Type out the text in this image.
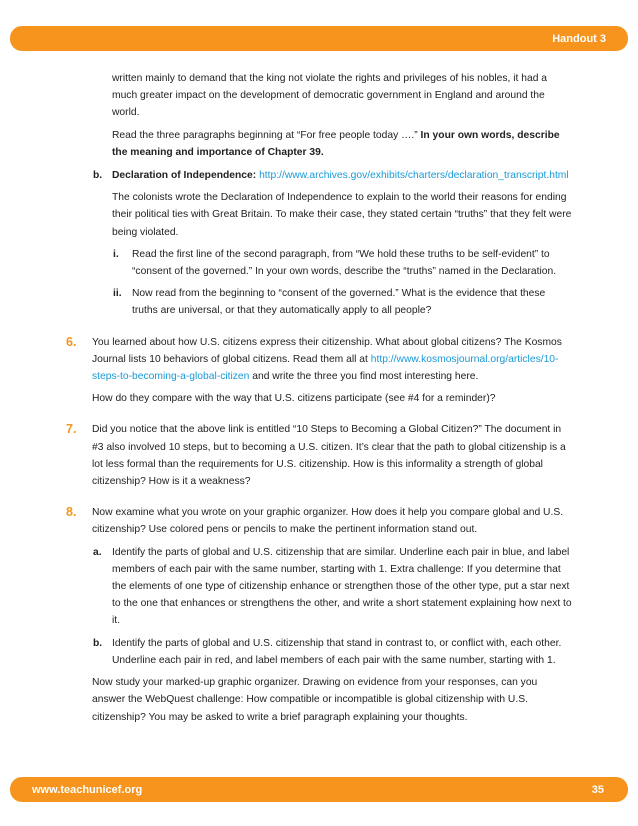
Handout 3
written mainly to demand that the king not violate the rights and privileges of his nobles, it had a much greater impact on the development of democratic government in England and around the world.
Read the three paragraphs beginning at “For free people today ….” In your own words, describe the meaning and importance of Chapter 39.
b. Declaration of Independence: http://www.archives.gov/exhibits/charters/declaration_transcript.html
The colonists wrote the Declaration of Independence to explain to the world their reasons for ending their political ties with Great Britain. To make their case, they stated certain “truths” that they felt were being violated.
i. Read the first line of the second paragraph, from “We hold these truths to be self-evident” to “consent of the governed.” In your own words, describe the “truths” named in the Declaration.
ii. Now read from the beginning to “consent of the governed.” What is the evidence that these truths are universal, or that they automatically apply to all people?
6. You learned about how U.S. citizens express their citizenship. What about global citizens? The Kosmos Journal lists 10 behaviors of global citizens. Read them all at http://www.kosmosjournal.org/articles/10-steps-to-becoming-a-global-citizen and write the three you find most interesting here.
How do they compare with the way that U.S. citizens participate (see #4 for a reminder)?
7. Did you notice that the above link is entitled “10 Steps to Becoming a Global Citizen?” The document in #3 also involved 10 steps, but to becoming a U.S. citizen. It’s clear that the path to global citizenship is a lot less formal than the requirements for U.S. citizenship. How is this informality a strength of global citizenship? How is it a weakness?
8. Now examine what you wrote on your graphic organizer. How does it help you compare global and U.S. citizenship? Use colored pens or pencils to make the pertinent information stand out.
a. Identify the parts of global and U.S. citizenship that are similar. Underline each pair in blue, and label members of each pair with the same number, starting with 1. Extra challenge: If you determine that the elements of one type of citizenship enhance or strengthen those of the other type, put a star next to the one that enhances or strengthens the other, and write a short statement explaining how next to it.
b. Identify the parts of global and U.S. citizenship that stand in contrast to, or conflict with, each other. Underline each pair in red, and label members of each pair with the same number, starting with 1.
Now study your marked-up graphic organizer. Drawing on evidence from your responses, can you answer the WebQuest challenge: How compatible or incompatible is global citizenship with U.S. citizenship? You may be asked to write a brief paragraph explaining your thoughts.
www.teachunicef.org	35
